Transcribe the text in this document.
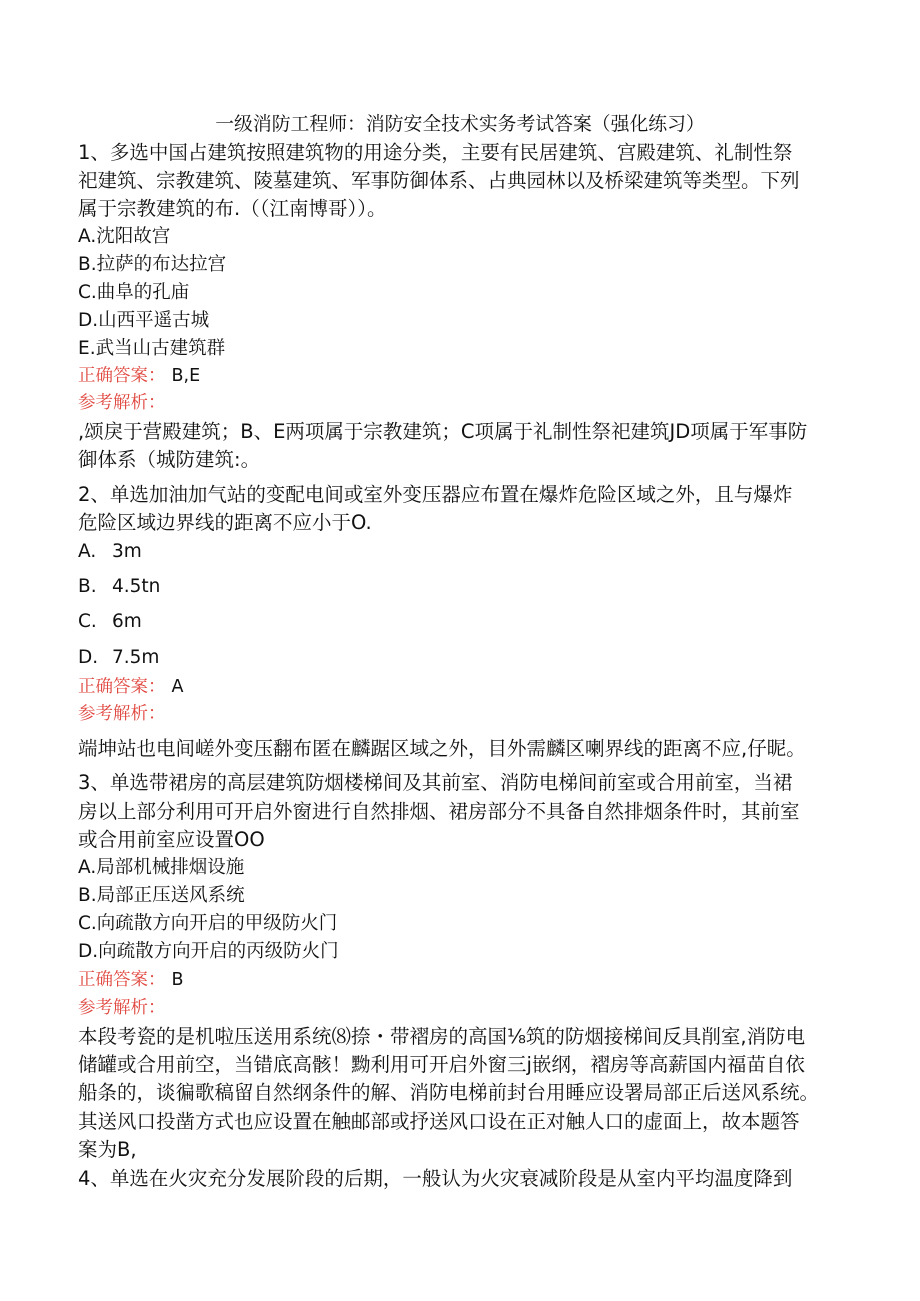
一级消防工程师：消防安全技术实务考试答案（强化练习）
1、多选中国占建筑按照建筑物的用途分类，主要有民居建筑、宫殿建筑、礼制性祭
祀建筑、宗教建筑、陵墓建筑、军事防御体系、占典园林以及桥梁建筑等类型。下列
属于宗教建筑的布.（（江南博哥））。
A.沈阳故宫
B.拉萨的布达拉宫
C.曲阜的孔庙
D.山西平遥古城
E.武当山古建筑群
正确答案： B,E
参考解析：
,颂戾于营殿建筑；B、E两项属于宗教建筑；C项属于礼制性祭祀建筑JD项属于军事防
御体系（城防建筑:。
2、单选加油加气站的变配电间或室外变压器应布置在爆炸危险区域之外，且与爆炸
危险区域边界线的距离不应小于O.
A. 3m
B. 4.5tn
C. 6m
D. 7.5m
正确答案： A
参考解析：
端坤站也电间嵯外变压翻布匿在麟踞区域之外，目外需麟区喇界线的距离不应,仔昵。
3、单选带裙房的高层建筑防烟楼梯间及其前室、消防电梯间前室或合用前室，当裙
房以上部分利用可开启外窗进行自然排烟、裙房部分不具备自然排烟条件时，其前室
或合用前室应设置OO
A.局部机械排烟设施
B.局部正压送风系统
C.向疏散方向开启的甲级防火门
D.向疏散方向开启的丙级防火门
正确答案： B
参考解析：
本段考瓷的是机啦压送用系统⑻捺・带褶房的高国⅛筑的防烟接梯间反具削室,消防电
储罐或合用前空，当错底高骸！黝利用可开启外窗三j嵌纲，褶房等高薪国内福苗自依
船条的，谈徧歌稿留自然纲条件的解、消防电梯前封台用睡应设署局部正后送风系统。
其送风口投凿方式也应设置在触邮部或抒送风口设在正对触人口的虚面上，故本题答
案为B,
4、单选在火灾充分发展阶段的后期，一般认为火灾衰减阶段是从室内平均温度降到
